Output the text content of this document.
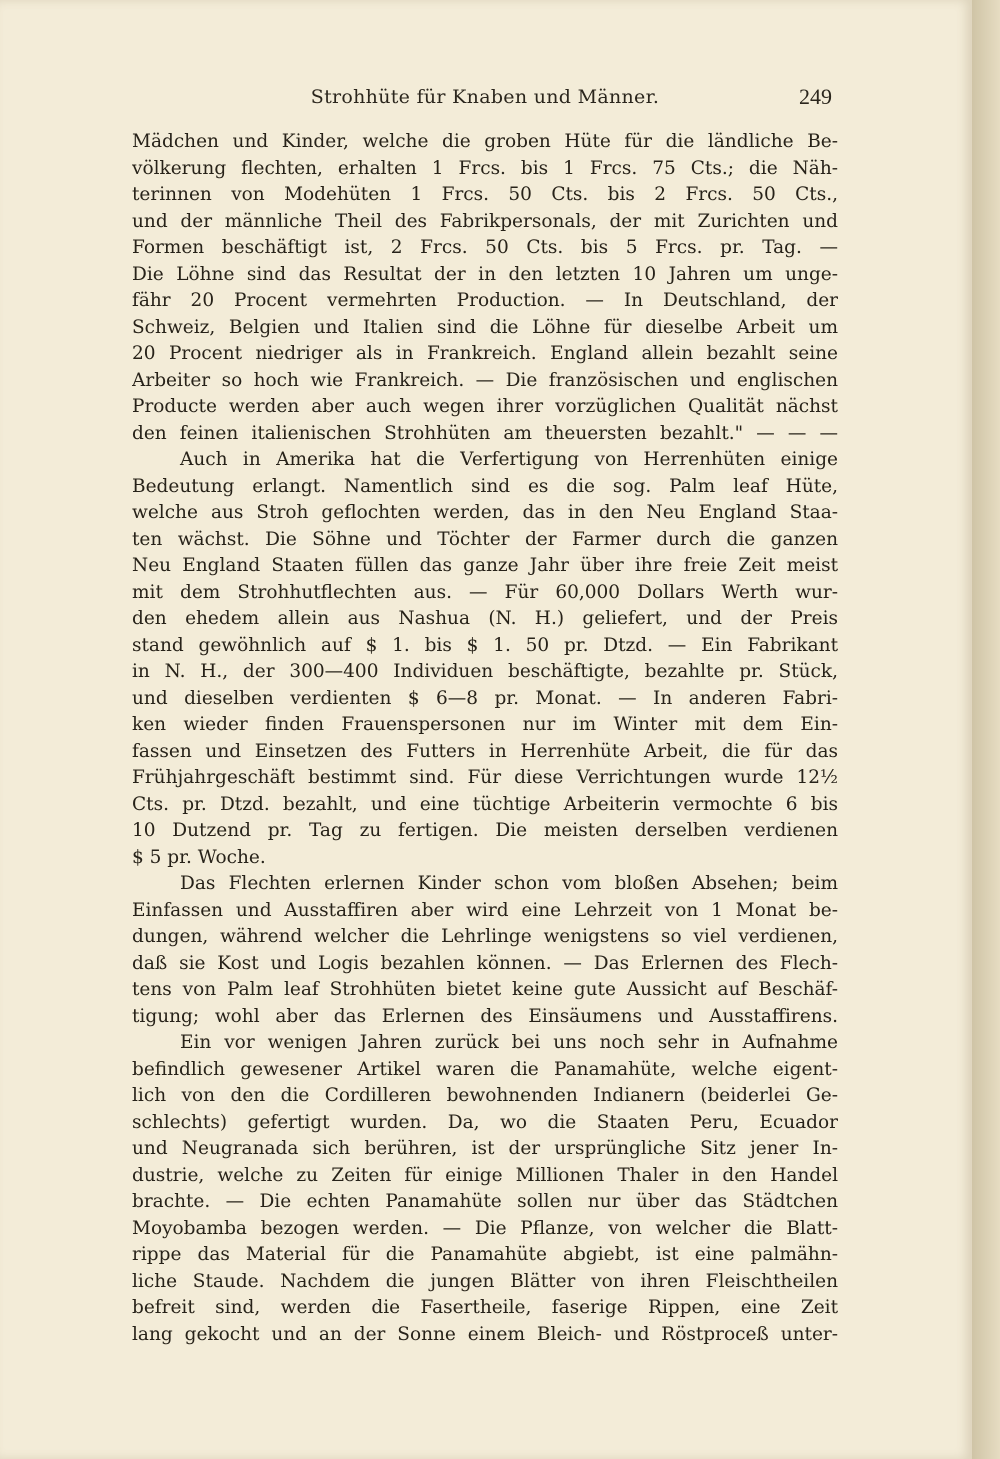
Strohhüte für Knaben und Männer.	249
Mädchen und Kinder, welche die groben Hüte für die ländliche Be-
völkerung flechten, erhalten 1 Frcs. bis 1 Frcs. 75 Cts.; die Näh-
terinnen von Modehüten 1 Frcs. 50 Cts. bis 2 Frcs. 50 Cts.,
und der männliche Theil des Fabrikpersonals, der mit Zurichten und
Formen beschäftigt ist, 2 Frcs. 50 Cts. bis 5 Frcs. pr. Tag. —
Die Löhne sind das Resultat der in den letzten 10 Jahren um unge-
fähr 20 Procent vermehrten Production. — In Deutschland, der
Schweiz, Belgien und Italien sind die Löhne für dieselbe Arbeit um
20 Procent niedriger als in Frankreich. England allein bezahlt seine
Arbeiter so hoch wie Frankreich. — Die französischen und englischen
Producte werden aber auch wegen ihrer vorzüglichen Qualität nächst
den feinen italienischen Strohhüten am theuersten bezahlt." — — —
Auch in Amerika hat die Verfertigung von Herrenhüten einige
Bedeutung erlangt. Namentlich sind es die sog. Palm leaf Hüte,
welche aus Stroh geflochten werden, das in den Neu England Staa-
ten wächst. Die Söhne und Töchter der Farmer durch die ganzen
Neu England Staaten füllen das ganze Jahr über ihre freie Zeit meist
mit dem Strohhutflechten aus. — Für 60,000 Dollars Werth wur-
den ehedem allein aus Nashua (N. H.) geliefert, und der Preis
stand gewöhnlich auf $ 1. bis $ 1. 50 pr. Dtzd. — Ein Fabrikant
in N. H., der 300—400 Individuen beschäftigte, bezahlte pr. Stück,
und dieselben verdienten $ 6—8 pr. Monat. — In anderen Fabri-
ken wieder finden Frauenspersonen nur im Winter mit dem Ein-
fassen und Einsetzen des Futters in Herrenhüte Arbeit, die für das
Frühjahrgeschäft bestimmt sind. Für diese Verrichtungen wurde 12½
Cts. pr. Dtzd. bezahlt, und eine tüchtige Arbeiterin vermochte 6 bis
10 Dutzend pr. Tag zu fertigen. Die meisten derselben verdienen
$ 5 pr. Woche.
Das Flechten erlernen Kinder schon vom bloßen Absehen; beim
Einfassen und Ausstaffiren aber wird eine Lehrzeit von 1 Monat be-
dungen, während welcher die Lehrlinge wenigstens so viel verdienen,
daß sie Kost und Logis bezahlen können. — Das Erlernen des Flech-
tens von Palm leaf Strohhüten bietet keine gute Aussicht auf Beschäf-
tigung; wohl aber das Erlernen des Einsäumens und Ausstaffirens.
Ein vor wenigen Jahren zurück bei uns noch sehr in Aufnahme
befindlich gewesener Artikel waren die Panamahüte, welche eigent-
lich von den die Cordilleren bewohnenden Indianern (beiderlei Ge-
schlechts) gefertigt wurden. Da, wo die Staaten Peru, Ecuador
und Neugranada sich berühren, ist der ursprüngliche Sitz jener In-
dustrie, welche zu Zeiten für einige Millionen Thaler in den Handel
brachte. — Die echten Panamahüte sollen nur über das Städtchen
Moyobamba bezogen werden. — Die Pflanze, von welcher die Blatt-
rippe das Material für die Panamahüte abgiebt, ist eine palmähn-
liche Staude. Nachdem die jungen Blätter von ihren Fleischtheilen
befreit sind, werden die Fasertheile, faserige Rippen, eine Zeit
lang gekocht und an der Sonne einem Bleich- und Röstproceß unter-
